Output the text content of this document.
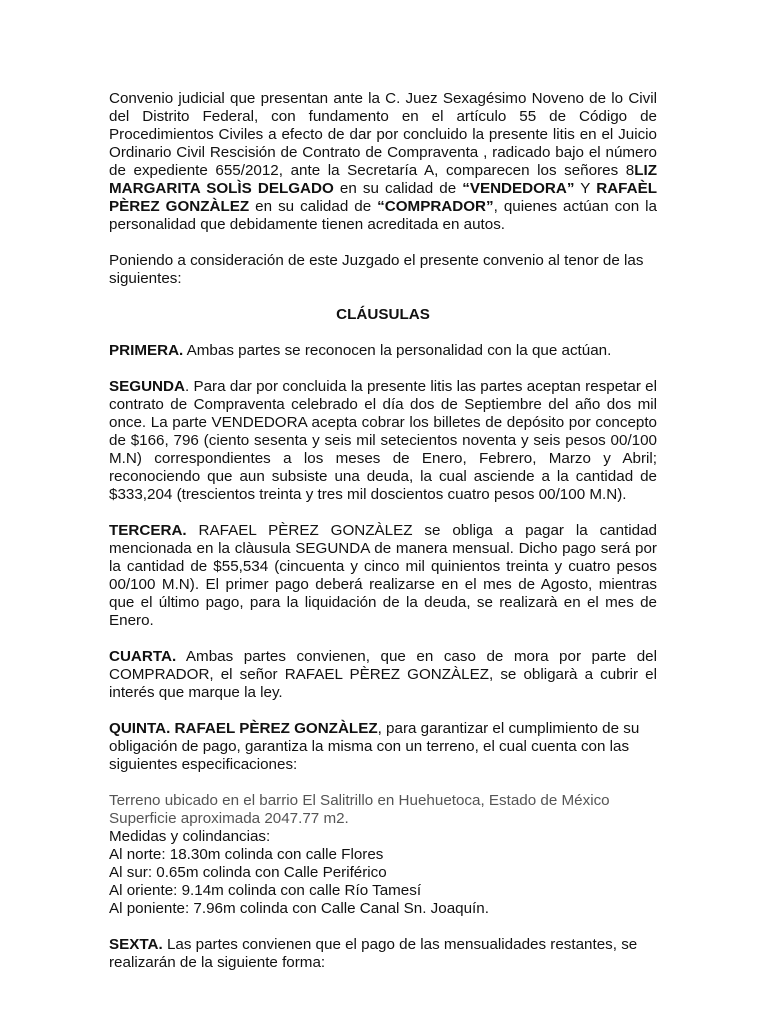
Convenio judicial que presentan ante la C. Juez Sexagésimo Noveno de lo Civil del Distrito Federal, con fundamento en el artículo 55 de Código de Procedimientos Civiles a efecto de dar por concluido la presente litis en el Juicio Ordinario Civil Rescisión de Contrato de Compraventa , radicado bajo el número de expediente 655/2012, ante la Secretaría A, comparecen los señores 8LIZ MARGARITA SOLÌS DELGADO en su calidad de “VENDEDORA” Y RAFAÈL PÈREZ GONZÀLEZ en su calidad de “COMPRADOR”, quienes actúan con la personalidad que debidamente tienen acreditada en autos.

Poniendo a consideración de este Juzgado el presente convenio al tenor de las siguientes:

CLÁUSULAS

PRIMERA. Ambas partes se reconocen la personalidad con la que actúan.

SEGUNDA. Para dar por concluida la presente litis las partes aceptan respetar el contrato de Compraventa celebrado el día dos de Septiembre del año dos mil once. La parte VENDEDORA acepta cobrar los billetes de depósito por concepto de $166, 796 (ciento sesenta y seis mil setecientos noventa y seis pesos 00/100 M.N) correspondientes a los meses de Enero, Febrero, Marzo y Abril; reconociendo que aun subsiste una deuda, la cual asciende a la cantidad de $333,204 (trescientos treinta y tres mil doscientos cuatro pesos 00/100 M.N).

TERCERA. RAFAEL PÈREZ GONZÀLEZ se obliga a pagar la cantidad mencionada en la clàusula SEGUNDA de manera mensual. Dicho pago será por la cantidad de $55,534 (cincuenta y cinco mil quinientos treinta y cuatro pesos 00/100 M.N). El primer pago deberá realizarse en el mes de Agosto, mientras que el último pago, para la liquidación de la deuda, se realizarà en el mes de Enero.

CUARTA. Ambas partes convienen, que en caso de mora por parte del COMPRADOR, el señor RAFAEL PÈREZ GONZÀLEZ, se obligarà a cubrir el interés que marque la ley.

QUINTA. RAFAEL PÈREZ GONZÀLEZ, para garantizar el cumplimiento de su obligación de pago, garantiza la misma con un terreno, el cual cuenta con las siguientes especificaciones:

Terreno ubicado en el barrio El Salitrillo en Huehuetoca, Estado de México

Superficie aproximada 2047.77 m2.

Medidas y colindancias:

Al norte: 18.30m colinda con calle Flores

Al sur: 0.65m colinda con Calle Periférico

Al oriente: 9.14m colinda con calle Río Tamesí

Al poniente: 7.96m colinda con Calle Canal Sn. Joaquín.

SEXTA. Las partes convienen que el pago de las mensualidades restantes, se realizarán de la siguiente forma:
